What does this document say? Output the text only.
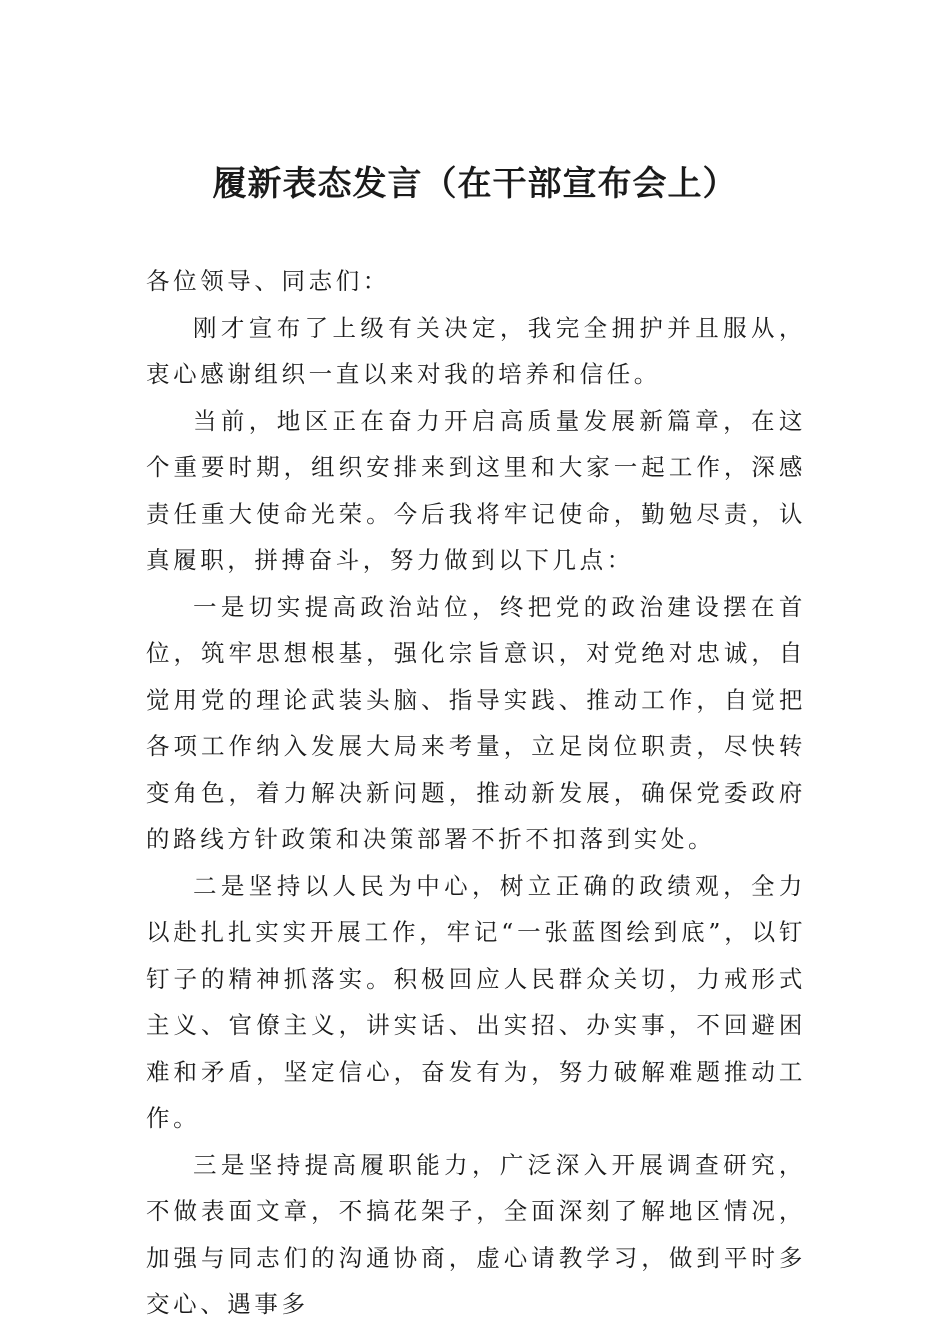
履新表态发言（在干部宣布会上）

各位领导、同志们：

刚才宣布了上级有关决定，我完全拥护并且服从，衷心感谢组织一直以来对我的培养和信任。

当前，地区正在奋力开启高质量发展新篇章，在这个重要时期，组织安排来到这里和大家一起工作，深感责任重大使命光荣。今后我将牢记使命，勤勉尽责，认真履职，拼搏奋斗，努力做到以下几点：

一是切实提高政治站位，终把党的政治建设摆在首位，筑牢思想根基，强化宗旨意识，对党绝对忠诚，自觉用党的理论武装头脑、指导实践、推动工作，自觉把各项工作纳入发展大局来考量，立足岗位职责，尽快转变角色，着力解决新问题，推动新发展，确保党委政府的路线方针政策和决策部署不折不扣落到实处。

二是坚持以人民为中心，树立正确的政绩观，全力以赴扎扎实实开展工作，牢记“一张蓝图绘到底”，以钉钉子的精神抓落实。积极回应人民群众关切，力戒形式主义、官僚主义，讲实话、出实招、办实事，不回避困难和矛盾，坚定信心，奋发有为，努力破解难题推动工作。

三是坚持提高履职能力，广泛深入开展调查研究，不做表面文章，不搞花架子，全面深刻了解地区情况，加强与同志们的沟通协商，虚心请教学习，做到平时多交心、遇事多
